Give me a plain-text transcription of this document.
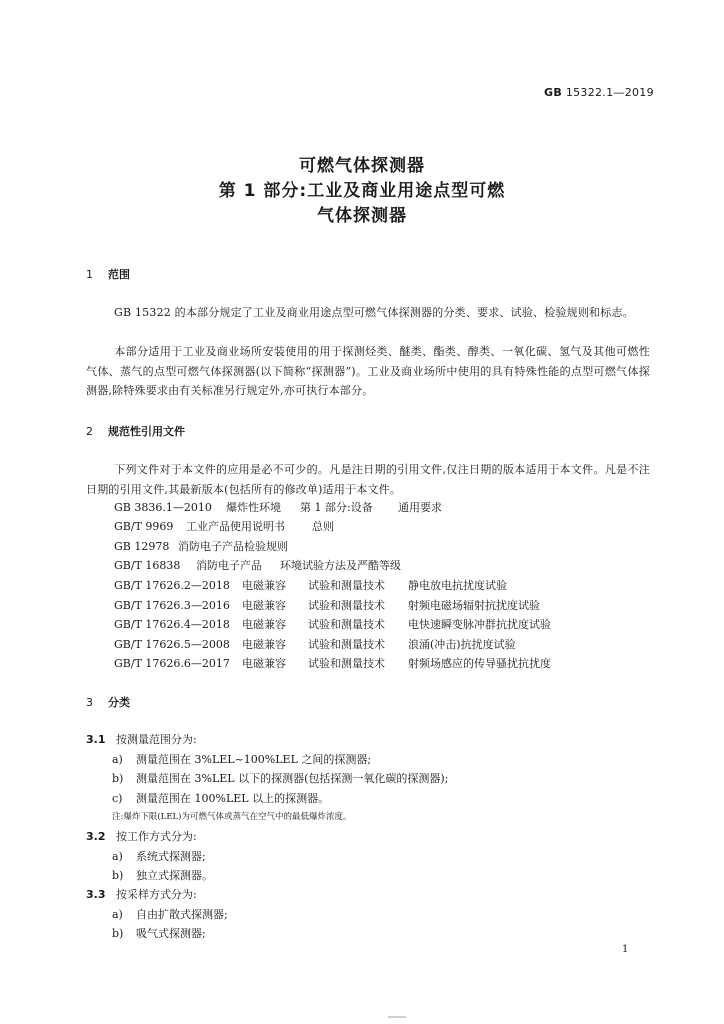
GB 15322.1—2019
可燃气体探测器
第 1 部分:工业及商业用途点型可燃
气体探测器
1 范围
GB 15322 的本部分规定了工业及商业用途点型可燃气体探测器的分类、要求、试验、检验规则和标志。
本部分适用于工业及商业场所安装使用的用于探测烃类、醚类、酯类、醇类、一氧化碳、氢气及其他可燃性气体、蒸气的点型可燃气体探测器(以下简称“探测器”)。工业及商业场所中使用的具有特殊性能的点型可燃气体探测器,除特殊要求由有关标准另行规定外,亦可执行本部分。
2 规范性引用文件
下列文件对于本文件的应用是必不可少的。凡是注日期的引用文件,仅注日期的版本适用于本文件。凡是不注日期的引用文件,其最新版本(包括所有的修改单)适用于本文件。
GB 3836.1—2010 爆炸性环境 第 1 部分:设备 通用要求
GB/T 9969 工业产品使用说明书 总则
GB 12978 消防电子产品检验规则
GB/T 16838 消防电子产品 环境试验方法及严酷等级
GB/T 17626.2—2018 电磁兼容 试验和测量技术 静电放电抗扰度试验
GB/T 17626.3—2016 电磁兼容 试验和测量技术 射频电磁场辐射抗扰度试验
GB/T 17626.4—2018 电磁兼容 试验和测量技术 电快速瞬变脉冲群抗扰度试验
GB/T 17626.5—2008 电磁兼容 试验和测量技术 浪涌(冲击)抗扰度试验
GB/T 17626.6—2017 电磁兼容 试验和测量技术 射频场感应的传导骚扰抗扰度
3 分类
3.1 按测量范围分为:
a) 测量范围在 3%LEL~100%LEL 之间的探测器;
b) 测量范围在 3%LEL 以下的探测器(包括探测一氧化碳的探测器);
c) 测量范围在 100%LEL 以上的探测器。
注:爆炸下限(LEL)为可燃气体或蒸气在空气中的最低爆炸浓度。
3.2 按工作方式分为:
a) 系统式探测器;
b) 独立式探测器。
3.3 按采样方式分为:
a) 自由扩散式探测器;
b) 吸气式探测器;
1
